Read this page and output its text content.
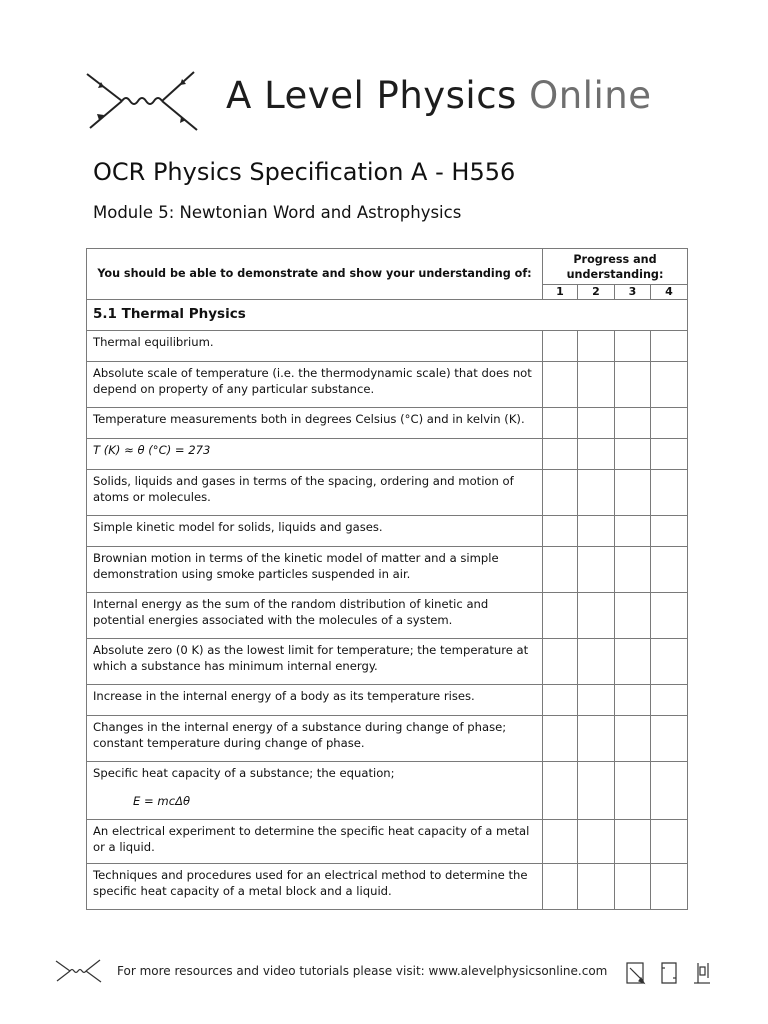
A Level Physics Online
OCR Physics Specification A - H556
Module 5: Newtonian Word and Astrophysics
You should be able to demonstrate and show your understanding of:	Progress and understanding:			
	1	2	3	4
5.1 Thermal Physics				
Thermal equilibrium.				
Absolute scale of temperature (i.e. the thermodynamic scale) that does not depend on property of any particular substance.				
Temperature measurements both in degrees Celsius (°C) and in kelvin (K).				
T (K) ≈ θ (°C) = 273				
Solids, liquids and gases in terms of the spacing, ordering and motion of atoms or molecules.				
Simple kinetic model for solids, liquids and gases.				
Brownian motion in terms of the kinetic model of matter and a simple demonstration using smoke particles suspended in air.				
Internal energy as the sum of the random distribution of kinetic and potential energies associated with the molecules of a system.				
Absolute zero (0 K) as the lowest limit for temperature; the temperature at which a substance has minimum internal energy.				
Increase in the internal energy of a body as its temperature rises.				
Changes in the internal energy of a substance during change of phase; constant temperature during change of phase.				
Specific heat capacity of a substance; the equation;
E = mcΔθ				

An electrical experiment to determine the specific heat capacity of a metal or a liquid.				
Techniques and procedures used for an electrical method to determine the specific heat capacity of a metal block and a liquid.				
For more resources and video tutorials please visit: www.alevelphysicsonline.com
